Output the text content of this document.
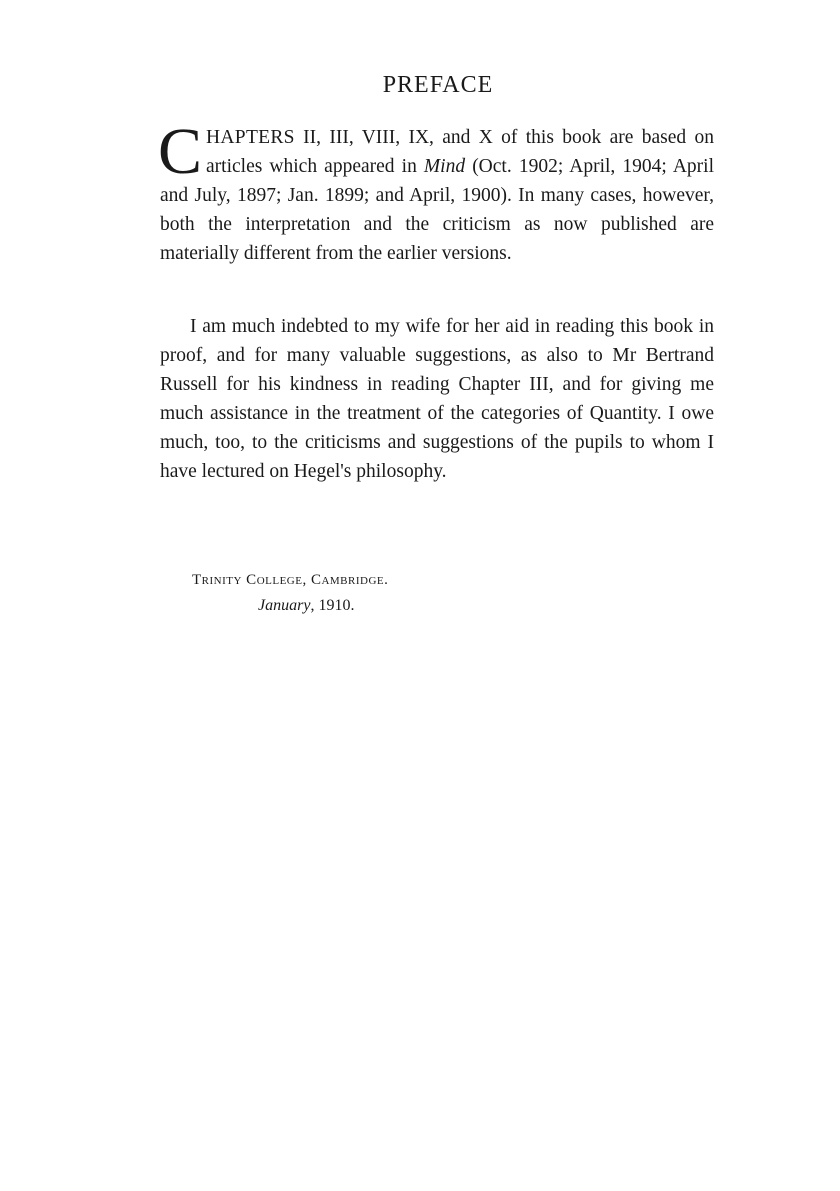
PREFACE

CHAPTERS II, III, VIII, IX, and X of this book are based on articles which appeared in Mind (Oct. 1902; April, 1904; April and July, 1897; Jan. 1899; and April, 1900). In many cases, however, both the interpretation and the criticism as now published are materially different from the earlier versions.

I am much indebted to my wife for her aid in reading this book in proof, and for many valuable suggestions, as also to Mr Bertrand Russell for his kindness in reading Chapter III, and for giving me much assistance in the treatment of the categories of Quantity. I owe much, too, to the criticisms and suggestions of the pupils to whom I have lectured on Hegel's philosophy.

Trinity College, Cambridge.
January, 1910.
